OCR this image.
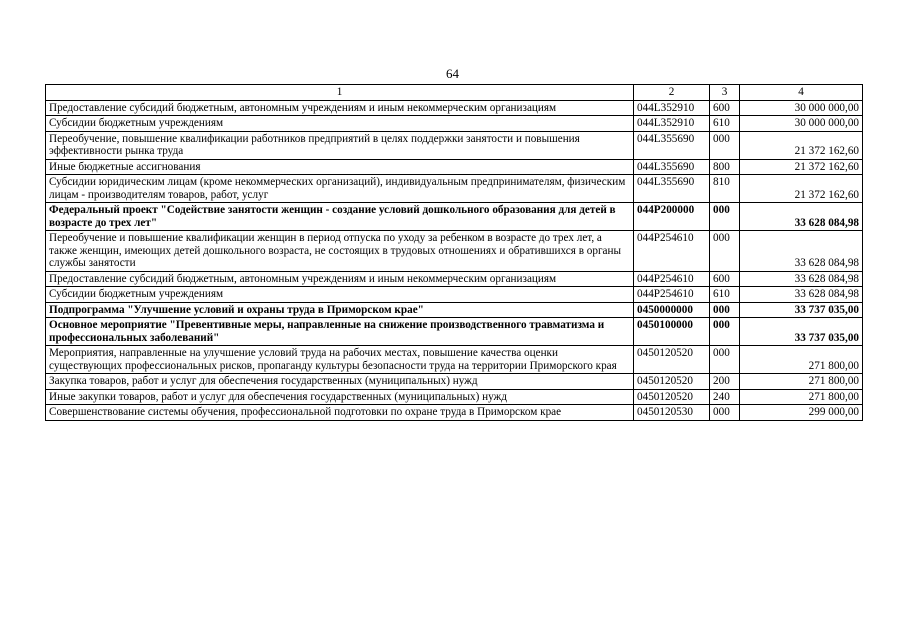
64
1	2	3	4
Предоставление субсидий бюджетным, автономным учреждениям и иным некоммерческим организациям	044L352910	600	30 000 000,00
Субсидии бюджетным учреждениям	044L352910	610	30 000 000,00
Переобучение, повышение квалификации работников предприятий в целях поддержки занятости и повышения эффективности рынка труда	044L355690	000	21 372 162,60
Иные бюджетные ассигнования	044L355690	800	21 372 162,60
Субсидии юридическим лицам (кроме некоммерческих организаций), индивидуальным предпринимателям, физическим лицам - производителям товаров, работ, услуг	044L355690	810	21 372 162,60
Федеральный проект "Содействие занятости женщин - создание условий дошкольного образования для детей в возрасте до трех лет"	044P200000	000	33 628 084,98
Переобучение и повышение квалификации женщин в период отпуска по уходу за ребенком в возрасте до трех лет, а также женщин, имеющих детей дошкольного возраста, не состоящих в трудовых отношениях и обратившихся в органы службы занятости	044P254610	000	33 628 084,98
Предоставление субсидий бюджетным, автономным учреждениям и иным некоммерческим организациям	044P254610	600	33 628 084,98
Субсидии бюджетным учреждениям	044P254610	610	33 628 084,98
Подпрограмма "Улучшение условий и охраны труда в Приморском крае"	0450000000	000	33 737 035,00
Основное мероприятие "Превентивные меры, направленные на снижение производственного травматизма и профессиональных заболеваний"	0450100000	000	33 737 035,00
Мероприятия, направленные на улучшение условий труда на рабочих местах, повышение качества оценки существующих профессиональных рисков, пропаганду культуры безопасности труда на территории Приморского края	0450120520	000	271 800,00
Закупка товаров, работ и услуг для обеспечения государственных (муниципальных) нужд	0450120520	200	271 800,00
Иные закупки товаров, работ и услуг для обеспечения государственных (муниципальных) нужд	0450120520	240	271 800,00
Совершенствование системы обучения, профессиональной подготовки по охране труда в Приморском крае	0450120530	000	299 000,00
